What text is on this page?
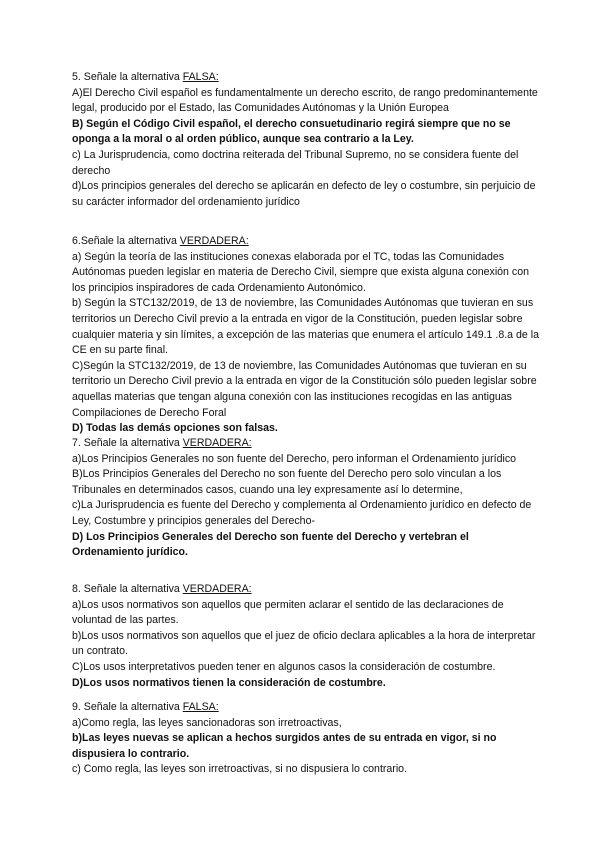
5. Señale la alternativa FALSA:

A)El Derecho Civil español es fundamentalmente un derecho escrito, de rango predominantemente legal, producido por el Estado, las Comunidades Autónomas y la Unión Europea

B) Según el Código Civil español, el derecho consuetudinario regirá siempre que no se oponga a la moral o al orden público, aunque sea contrario a la Ley.

c) La Jurisprudencia, como doctrina reiterada del Tribunal Supremo, no se considera fuente del derecho

d)Los principios generales del derecho se aplicarán en defecto de ley o costumbre, sin perjuicio de su carácter informador del ordenamiento jurídico

6.Señale la alternativa VERDADERA:

a) Según la teoría de las instituciones conexas elaborada por el TC, todas las Comunidades Autónomas pueden legislar en materia de Derecho Civil, siempre que exista alguna conexión con los principios inspiradores de cada Ordenamiento Autonómico.

b) Según la STC132/2019, de 13 de noviembre, las Comunidades Autónomas que tuvieran en sus territorios un Derecho Civil previo a la entrada en vigor de la Constitución, pueden legislar sobre cualquier materia y sin límites, a excepción de las materias que enumera el artículo 149.1 .8.a de la CE en su parte final.

C)Según la STC132/2019, de 13 de noviembre, las Comunidades Autónomas que tuvieran en su territorio un Derecho Civil previo a la entrada en vigor de la Constitución sólo pueden legislar sobre aquellas materias que tengan alguna conexión con las instituciones recogidas en las antiguas Compilaciones de Derecho Foral

D) Todas las demás opciones son falsas.

7. Señale la alternativa VERDADERA:

a)Los Principios Generales no son fuente del Derecho, pero informan el Ordenamiento jurídico

B)Los Principios Generales del Derecho no son fuente del Derecho pero solo vinculan a los Tribunales en determinados casos, cuando una ley expresamente así lo determine,

c)La Jurisprudencia es fuente del Derecho y complementa al Ordenamiento jurídico en defecto de Ley, Costumbre y principios generales del Derecho-

D) Los Principios Generales del Derecho son fuente del Derecho y vertebran el Ordenamiento jurídico.

8. Señale la alternativa VERDADERA:

a)Los usos normativos son aquellos que permiten aclarar el sentido de las declaraciones de voluntad de las partes.

b)Los usos normativos son aquellos que el juez de oficio declara aplicables a la hora de interpretar un contrato.

C)Los usos interpretativos pueden tener en algunos casos la consideración de costumbre.

D)Los usos normativos tienen la consideración de costumbre.

9. Señale la alternativa FALSA:

a)Como regla, las leyes sancionadoras son irretroactivas,

b)Las leyes nuevas se aplican a hechos surgidos antes de su entrada en vigor, si no dispusiera lo contrario.

c) Como regla, las leyes son irretroactivas, si no dispusiera lo contrario.
